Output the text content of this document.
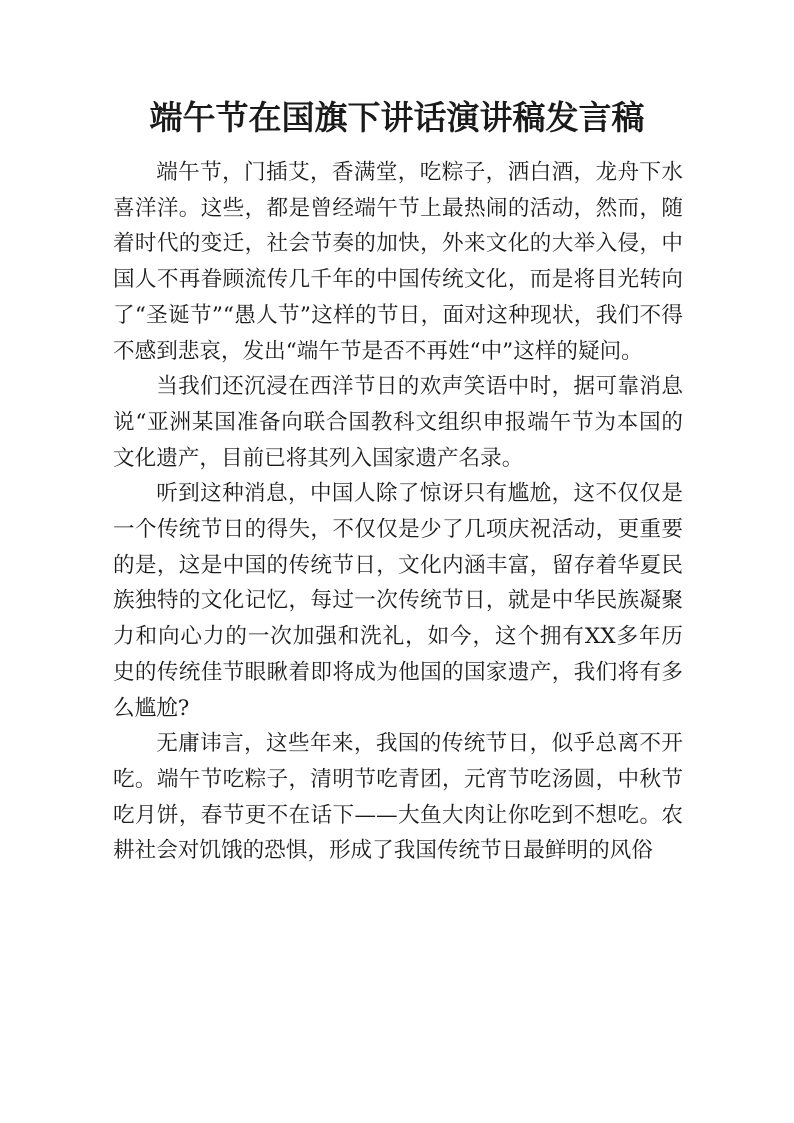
端午节在国旗下讲话演讲稿发言稿

端午节，门插艾，香满堂，吃粽子，洒白酒，龙舟下水喜洋洋。这些，都是曾经端午节上最热闹的活动，然而，随着时代的变迁，社会节奏的加快，外来文化的大举入侵，中国人不再眷顾流传几千年的中国传统文化，而是将目光转向了“圣诞节”“愚人节”这样的节日，面对这种现状，我们不得不感到悲哀，发出“端午节是否不再姓“中”这样的疑问。

当我们还沉浸在西洋节日的欢声笑语中时，据可靠消息说“亚洲某国准备向联合国教科文组织申报端午节为本国的文化遗产，目前已将其列入国家遗产名录。

听到这种消息，中国人除了惊讶只有尴尬，这不仅仅是一个传统节日的得失，不仅仅是少了几项庆祝活动，更重要的是，这是中国的传统节日，文化内涵丰富，留存着华夏民族独特的文化记忆，每过一次传统节日，就是中华民族凝聚力和向心力的一次加强和洗礼，如今，这个拥有XX多年历史的传统佳节眼瞅着即将成为他国的国家遗产，我们将有多么尴尬?

无庸讳言，这些年来，我国的传统节日，似乎总离不开吃。端午节吃粽子，清明节吃青团，元宵节吃汤圆，中秋节吃月饼，春节更不在话下——大鱼大肉让你吃到不想吃。农耕社会对饥饿的恐惧，形成了我国传统节日最鲜明的风俗
